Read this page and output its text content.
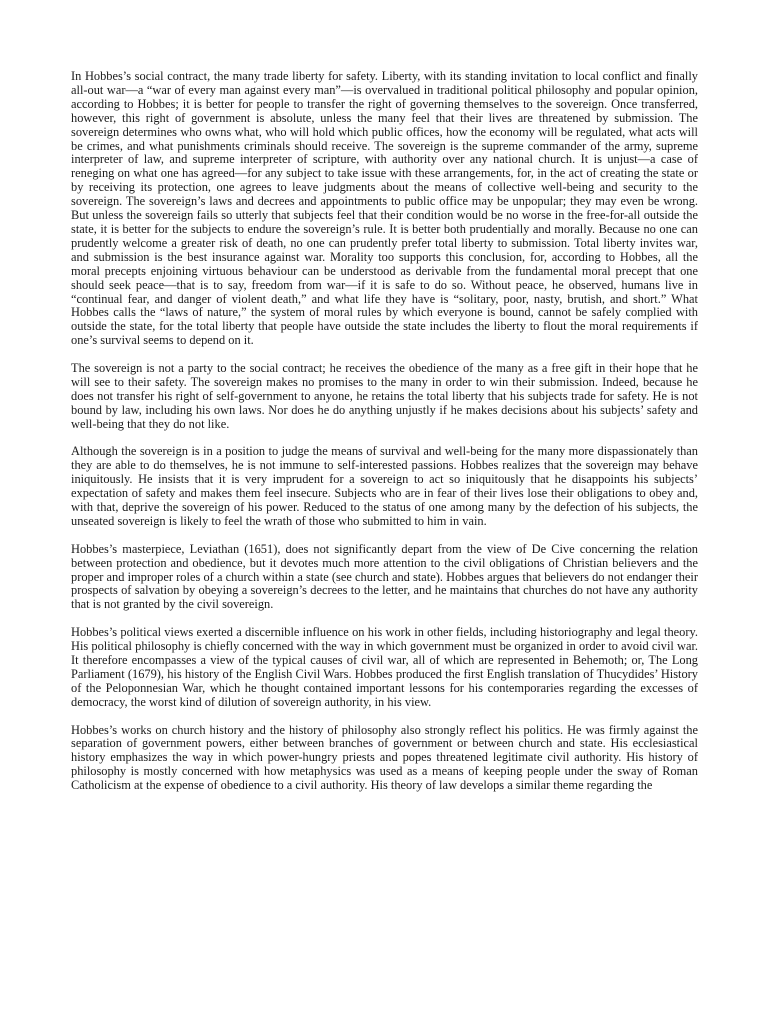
In Hobbes’s social contract, the many trade liberty for safety. Liberty, with its standing invitation to local conflict and finally all-out war—a “war of every man against every man”—is overvalued in traditional political philosophy and popular opinion, according to Hobbes; it is better for people to transfer the right of governing themselves to the sovereign. Once transferred, however, this right of government is absolute, unless the many feel that their lives are threatened by submission. The sovereign determines who owns what, who will hold which public offices, how the economy will be regulated, what acts will be crimes, and what punishments criminals should receive. The sovereign is the supreme commander of the army, supreme interpreter of law, and supreme interpreter of scripture, with authority over any national church. It is unjust—a case of reneging on what one has agreed—for any subject to take issue with these arrangements, for, in the act of creating the state or by receiving its protection, one agrees to leave judgments about the means of collective well-being and security to the sovereign. The sovereign’s laws and decrees and appointments to public office may be unpopular; they may even be wrong. But unless the sovereign fails so utterly that subjects feel that their condition would be no worse in the free-for-all outside the state, it is better for the subjects to endure the sovereign’s rule. It is better both prudentially and morally. Because no one can prudently welcome a greater risk of death, no one can prudently prefer total liberty to submission. Total liberty invites war, and submission is the best insurance against war. Morality too supports this conclusion, for, according to Hobbes, all the moral precepts enjoining virtuous behaviour can be understood as derivable from the fundamental moral precept that one should seek peace—that is to say, freedom from war—if it is safe to do so. Without peace, he observed, humans live in “continual fear, and danger of violent death,” and what life they have is “solitary, poor, nasty, brutish, and short.” What Hobbes calls the “laws of nature,” the system of moral rules by which everyone is bound, cannot be safely complied with outside the state, for the total liberty that people have outside the state includes the liberty to flout the moral requirements if one’s survival seems to depend on it.

The sovereign is not a party to the social contract; he receives the obedience of the many as a free gift in their hope that he will see to their safety. The sovereign makes no promises to the many in order to win their submission. Indeed, because he does not transfer his right of self-government to anyone, he retains the total liberty that his subjects trade for safety. He is not bound by law, including his own laws. Nor does he do anything unjustly if he makes decisions about his subjects’ safety and well-being that they do not like.

Although the sovereign is in a position to judge the means of survival and well-being for the many more dispassionately than they are able to do themselves, he is not immune to self-interested passions. Hobbes realizes that the sovereign may behave iniquitously. He insists that it is very imprudent for a sovereign to act so iniquitously that he disappoints his subjects’ expectation of safety and makes them feel insecure. Subjects who are in fear of their lives lose their obligations to obey and, with that, deprive the sovereign of his power. Reduced to the status of one among many by the defection of his subjects, the unseated sovereign is likely to feel the wrath of those who submitted to him in vain.

Hobbes’s masterpiece, Leviathan (1651), does not significantly depart from the view of De Cive concerning the relation between protection and obedience, but it devotes much more attention to the civil obligations of Christian believers and the proper and improper roles of a church within a state (see church and state). Hobbes argues that believers do not endanger their prospects of salvation by obeying a sovereign’s decrees to the letter, and he maintains that churches do not have any authority that is not granted by the civil sovereign.

Hobbes’s political views exerted a discernible influence on his work in other fields, including historiography and legal theory. His political philosophy is chiefly concerned with the way in which government must be organized in order to avoid civil war. It therefore encompasses a view of the typical causes of civil war, all of which are represented in Behemoth; or, The Long Parliament (1679), his history of the English Civil Wars. Hobbes produced the first English translation of Thucydides’ History of the Peloponnesian War, which he thought contained important lessons for his contemporaries regarding the excesses of democracy, the worst kind of dilution of sovereign authority, in his view.

Hobbes’s works on church history and the history of philosophy also strongly reflect his politics. He was firmly against the separation of government powers, either between branches of government or between church and state. His ecclesiastical history emphasizes the way in which power-hungry priests and popes threatened legitimate civil authority. His history of philosophy is mostly concerned with how metaphysics was used as a means of keeping people under the sway of Roman Catholicism at the expense of obedience to a civil authority. His theory of law develops a similar theme regarding the
